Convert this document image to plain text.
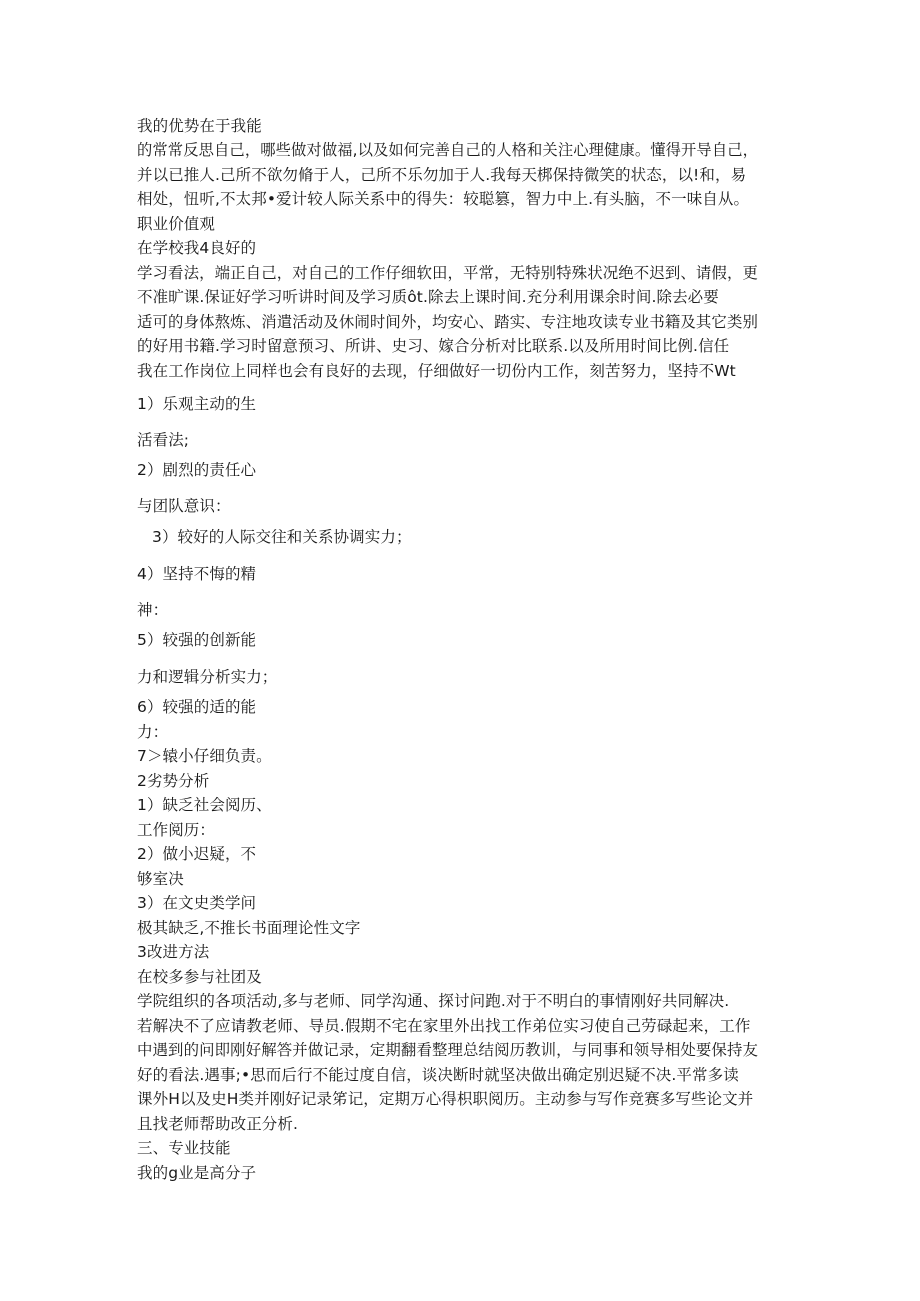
我的优势在于我能
的常常反思自己，哪些做对做福,以及如何完善自己的人格和关注心理健康。懂得开导自己，
并以已推人.己所不欲勿脩于人，己所不乐勿加于人.我每天梆保持微笑的状态，以!和，易
相处，忸听,不太邦•爱计较人际关系中的得失：较聪篡，智力中上.有头脑，不一味自从。
职业价值观
在学校我4良好的
学习看法，端正自己，对自己的工作仔细软田，平常，无特别特殊状况绝不迟到、请假，更
不准旷课.保证好学习听讲时间及学习质ôt.除去上课时间.充分利用课余时间.除去必要
适可的身体熬炼、消遣活动及休闹时间外，均安心、踏实、专注地攻读专业书籍及其它类别
的好用书籍.学习时留意预习、所讲、史习、嫁合分析对比联系.以及所用时间比例.信任
我在工作岗位上同样也会有良好的去现，仔细做好一切份内工作，刻苦努力，坚持不Wt
1）乐观主动的生
活看法;
2）剧烈的责任心
与团队意识：
3）较好的人际交往和关系协调实力；
4）坚持不悔的精
神：
5）较强的创新能
力和逻辑分析实力；
6）较强的适的能
力：
7＞辕小仔细负责。
2劣势分析
1）缺乏社会阅历、
工作阅历：
2）做小迟疑，不
够室决
3）在文史类学问
极其缺乏,不推长书面理论性文字
3改进方法
在校多参与社团及
学院组织的各项活动,多与老师、同学沟通、探讨问跑.对于不明白的事情刚好共同解决.
若解决不了应请教老师、导员.假期不宅在家里外出找工作弟位实习使自己劳碌起来，工作
中遇到的问即刚好解答并做记录，定期翻看整理总结阅历教训，与同事和领导相处要保持友
好的看法.遇事;•思而后行不能过度自信，谈决断时就坚决做出确定别迟疑不决.平常多读
课外H以及史H类并刚好记录笫记，定期万心得枳职阅历。主动参与写作竞赛多写些论文并
且找老师帮助改正分析.
三、专业技能
我的g业是高分子
